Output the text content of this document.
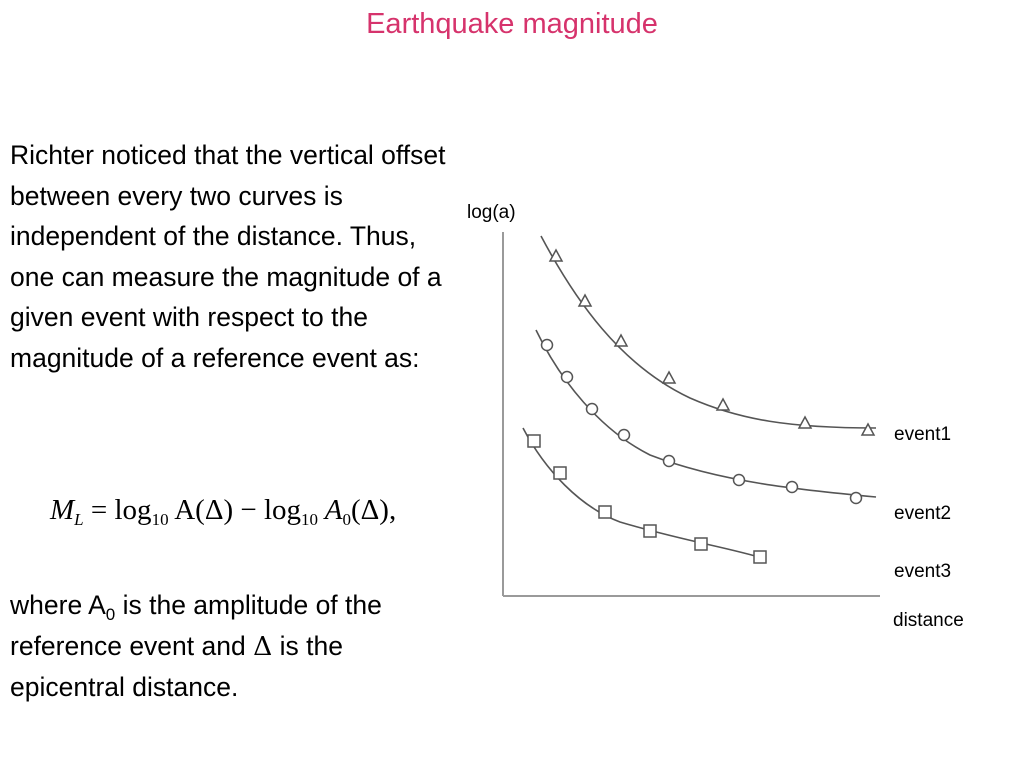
Earthquake magnitude
Richter noticed that the vertical offset between every two curves is independent of the distance. Thus, one can measure the magnitude of a given event with respect to the magnitude of a reference event as:
$M_L = \log_{10} A(\Delta) - \log_{10} A_0(\Delta)$,
where $A_0$ is the amplitude of the reference event and Δ is the epicentral distance.
log(a)
distance
event1
event2
event3
